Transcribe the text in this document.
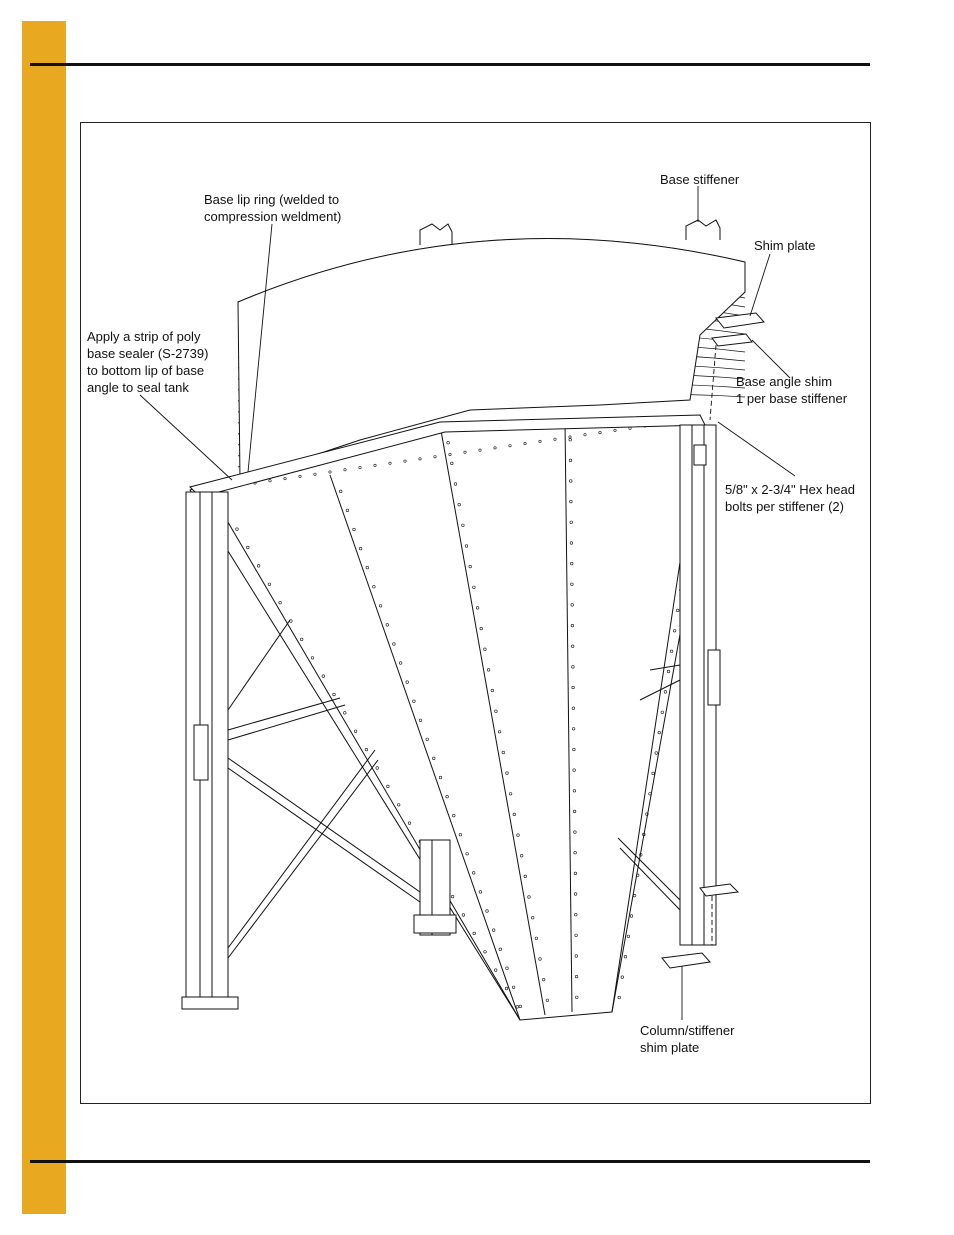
Base stiffener
Base lip ring (welded to
compression weldment)
Shim plate
Apply a strip of poly
base sealer (S-2739)
to bottom lip of base
angle to seal tank	Base angle shim
1 per base stiffener
5/8" x 2-3/4" Hex head
bolts per stiffener (2)
Column/stiffener
shim plate
